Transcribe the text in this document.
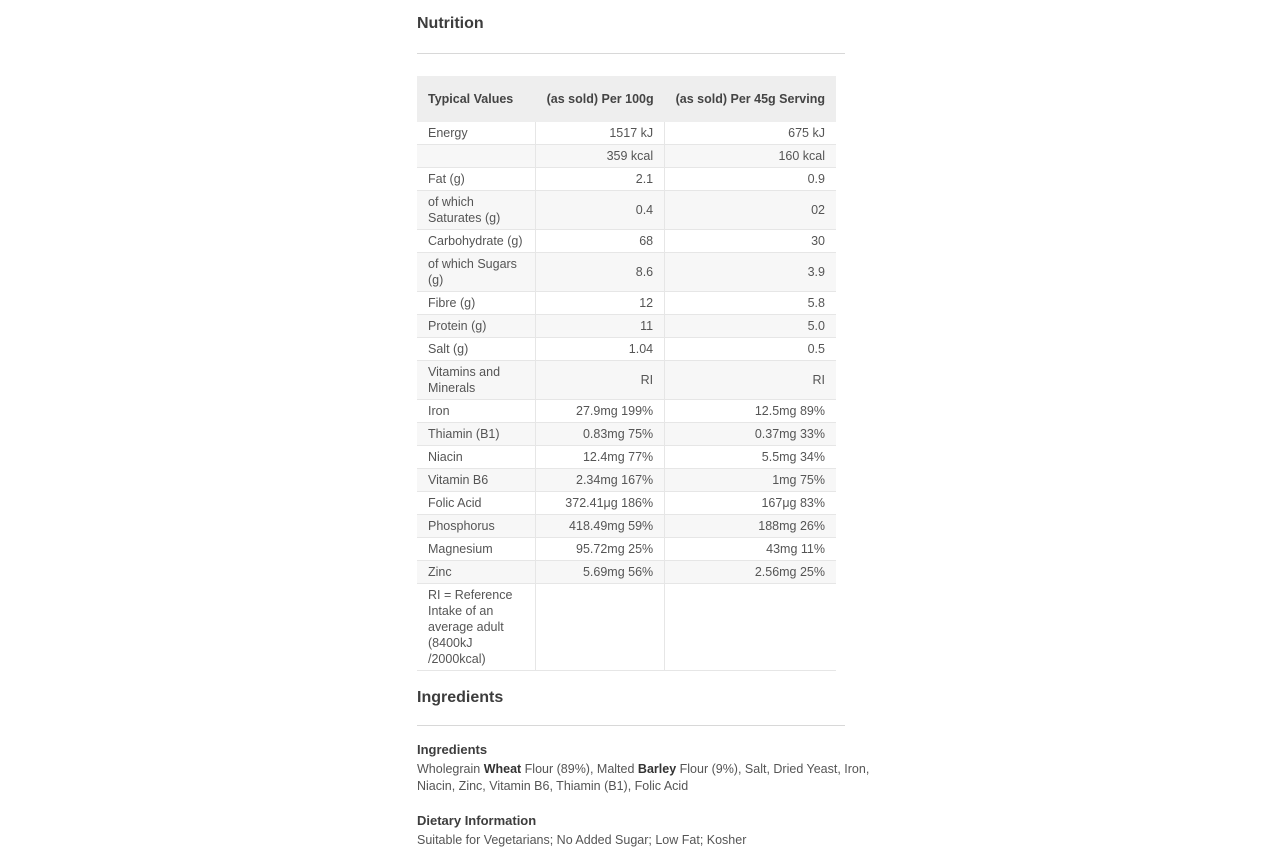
Nutrition
Typical Values	(as sold) Per 100g	(as sold) Per 45g Serving
Energy	1517 kJ	675 kJ
	359 kcal	160 kcal
Fat (g)	2.1	0.9
of which Saturates (g)	0.4	02
Carbohydrate (g)	68	30
of which Sugars (g)	8.6	3.9
Fibre (g)	12	5.8
Protein (g)	11	5.0
Salt (g)	1.04	0.5
Vitamins and Minerals	RI	RI
Iron	27.9mg 199%	12.5mg 89%
Thiamin (B1)	0.83mg 75%	0.37mg 33%
Niacin	12.4mg 77%	5.5mg 34%
Vitamin B6	2.34mg 167%	1mg 75%
Folic Acid	372.41μg 186%	167μg 83%
Phosphorus	418.49mg 59%	188mg 26%
Magnesium	95.72mg 25%	43mg 11%
Zinc	5.69mg 56%	2.56mg 25%
RI = Reference Intake of an average adult (8400kJ /2000kcal)		
Ingredients
Ingredients
Wholegrain Wheat Flour (89%), Malted Barley Flour (9%), Salt, Dried Yeast, Iron, Niacin, Zinc, Vitamin B6, Thiamin (B1), Folic Acid
Dietary Information
Suitable for Vegetarians; No Added Sugar; Low Fat; Kosher
